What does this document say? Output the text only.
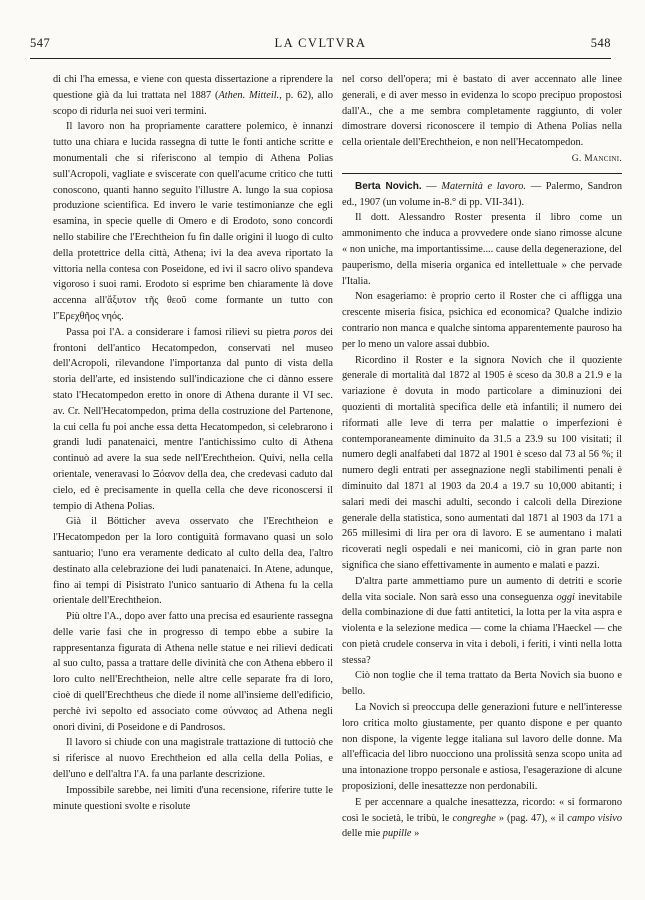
547	LA CVLTVRA	548

di chi l'ha emessa, e viene con questa dissertazione a riprendere la questione già da lui trattata nel 1887 (Athen. Mitteil., p. 62), allo scopo di ridurla nei suoi veri termini.

Il lavoro non ha propriamente carattere polemico, è innanzi tutto una chiara e lucida rassegna di tutte le fonti antiche scritte e monumentali che si riferiscono al tempio di Athena Polias sull'Acropoli, vagliate e sviscerate con quell'acume critico che tutti conoscono, quanti hanno seguito l'illustre A. lungo la sua copiosa produzione scientifica. Ed invero le varie testimonianze che egli esamina, in specie quelle di Omero e di Erodoto, sono concordi nello stabilire che l'Erechtheion fu fin dalle origini il luogo di culto della protettrice della città, Athena; ivi la dea aveva riportato la vittoria nella contesa con Poseidone, ed ivi il sacro olivo spandeva vigoroso i suoi rami. Erodoto si esprime ben chiaramente là dove accenna all'ἄξυτον τῆς θεοῦ come formante un tutto con l'Ἐρεχθῆος νηός.

Passa poi l'A. a considerare i famosi rilievi su pietra poros dei frontoni dell'antico Hecatompedon, conservati nel museo dell'Acropoli, rilevandone l'importanza dal punto di vista della storia dell'arte, ed insistendo sull'indicazione che ci dànno essere stato l'Hecatompedon eretto in onore di Athena durante il VI sec. av. Cr. Nell'Hecatompedon, prima della costruzione del Partenone, la cui cella fu poi anche essa detta Hecatompedon, si celebrarono i grandi ludi panatenaici, mentre l'antichissimo culto di Athena continuò ad avere la sua sede nell'Erechtheion. Quivi, nella cella orientale, veneravasi lo Ξόανον della dea, che credevasi caduto dal cielo, ed è precisamente in quella cella che deve riconoscersi il tempio di Athena Polias.

Già il Bötticher aveva osservato che l'Erechtheion e l'Hecatompedon per la loro contiguità formavano quasi un solo santuario; l'uno era veramente dedicato al culto della dea, l'altro destinato alla celebrazione dei ludi panatenaici. In Atene, adunque, fino ai tempi di Pisistrato l'unico santuario di Athena fu la cella orientale dell'Erechtheion.

Più oltre l'A., dopo aver fatto una precisa ed esauriente rassegna delle varie fasi che in progresso di tempo ebbe a subire la rappresentanza figurata di Athena nelle statue e nei rilievi dedicati al suo culto, passa a trattare delle divinità che con Athena ebbero il loro culto nell'Erechtheion, nelle altre celle separate fra di loro, cioè di quell'Erechtheus che diede il nome all'insieme dell'edificio, perchè ivi sepolto ed associato come σύνναος ad Athena negli onori divini, di Poseidone e di Pandrosos.

Il lavoro si chiude con una magistrale trattazione di tuttociò che si riferisce al nuovo Erechtheion ed alla cella della Polias, e dell'uno e dell'altra l'A. fa una parlante descrizione.

Impossibile sarebbe, nei limiti d'una recensione, riferire tutte le minute questioni svolte e risolute

nel corso dell'opera; mi è bastato di aver accennato alle linee generali, e di aver messo in evidenza lo scopo precipuo propostosi dall'A., che a me sembra completamente raggiunto, di voler dimostrare doversi riconoscere il tempio di Athena Polias nella cella orientale dell'Erechtheion, e non nell'Hecatompedon.

G. Mancini.

Berta Novich. — Maternità e lavoro. — Palermo, Sandron ed., 1907 (un volume in-8.° di pp. VII-341).

Il dott. Alessandro Roster presenta il libro come un ammonimento che induca a provvedere onde siano rimosse alcune « non uniche, ma importantissime.... cause della degenerazione, del pauperismo, della miseria organica ed intellettuale » che pervade l'Italia.

Non esageriamo: è proprio certo il Roster che ci affligga una crescente miseria fisica, psichica ed economica? Qualche indizio contrario non manca e qualche sintoma apparentemente pauroso ha per lo meno un valore assai dubbio.

Ricordino il Roster e la signora Novich che il quoziente generale di mortalità dal 1872 al 1905 è sceso da 30.8 a 21.9 e la variazione è dovuta in modo particolare a diminuzioni dei quozienti di mortalità specifica delle età infantili; il numero dei riformati alle leve di terra per malattie o imperfezioni è contemporaneamente diminuito da 31.5 a 23.9 su 100 visitati; il numero degli analfabeti dal 1872 al 1901 è sceso dal 73 al 56 %; il numero degli entrati per assegnazione negli stabilimenti penali è diminuito dal 1871 al 1903 da 20.4 a 19.7 su 10,000 abitanti; i salari medi dei maschi adulti, secondo i calcoli della Direzione generale della statistica, sono aumentati dal 1871 al 1903 da 171 a 265 millesimi di lira per ora di lavoro. E se aumentano i malati ricoverati negli ospedali e nei manicomi, ciò in gran parte non significa che siano effettivamente in aumento e malati e pazzi.

D'altra parte ammettiamo pure un aumento di detriti e scorie della vita sociale. Non sarà esso una conseguenza oggi inevitabile della combinazione di due fatti antitetici, la lotta per la vita aspra e violenta e la selezione medica — come la chiama l'Haeckel — che con pietà crudele conserva in vita i deboli, i feriti, i vinti nella lotta stessa?

Ciò non toglie che il tema trattato da Berta Novich sia buono e bello.

La Novich si preoccupa delle generazioni future e nell'interesse loro critica molto giustamente, per quanto dispone e per quanto non dispone, la vigente legge italiana sul lavoro delle donne. Ma all'efficacia del libro nuocciono una prolissità senza scopo unita ad una intonazione troppo personale e astiosa, l'esagerazione di alcune proposizioni, delle inesattezze non perdonabili.

E per accennare a qualche inesattezza, ricordo: « si formarono così le società, le tribù, le congreghe » (pag. 47), « il campo visivo delle mie pupille »
